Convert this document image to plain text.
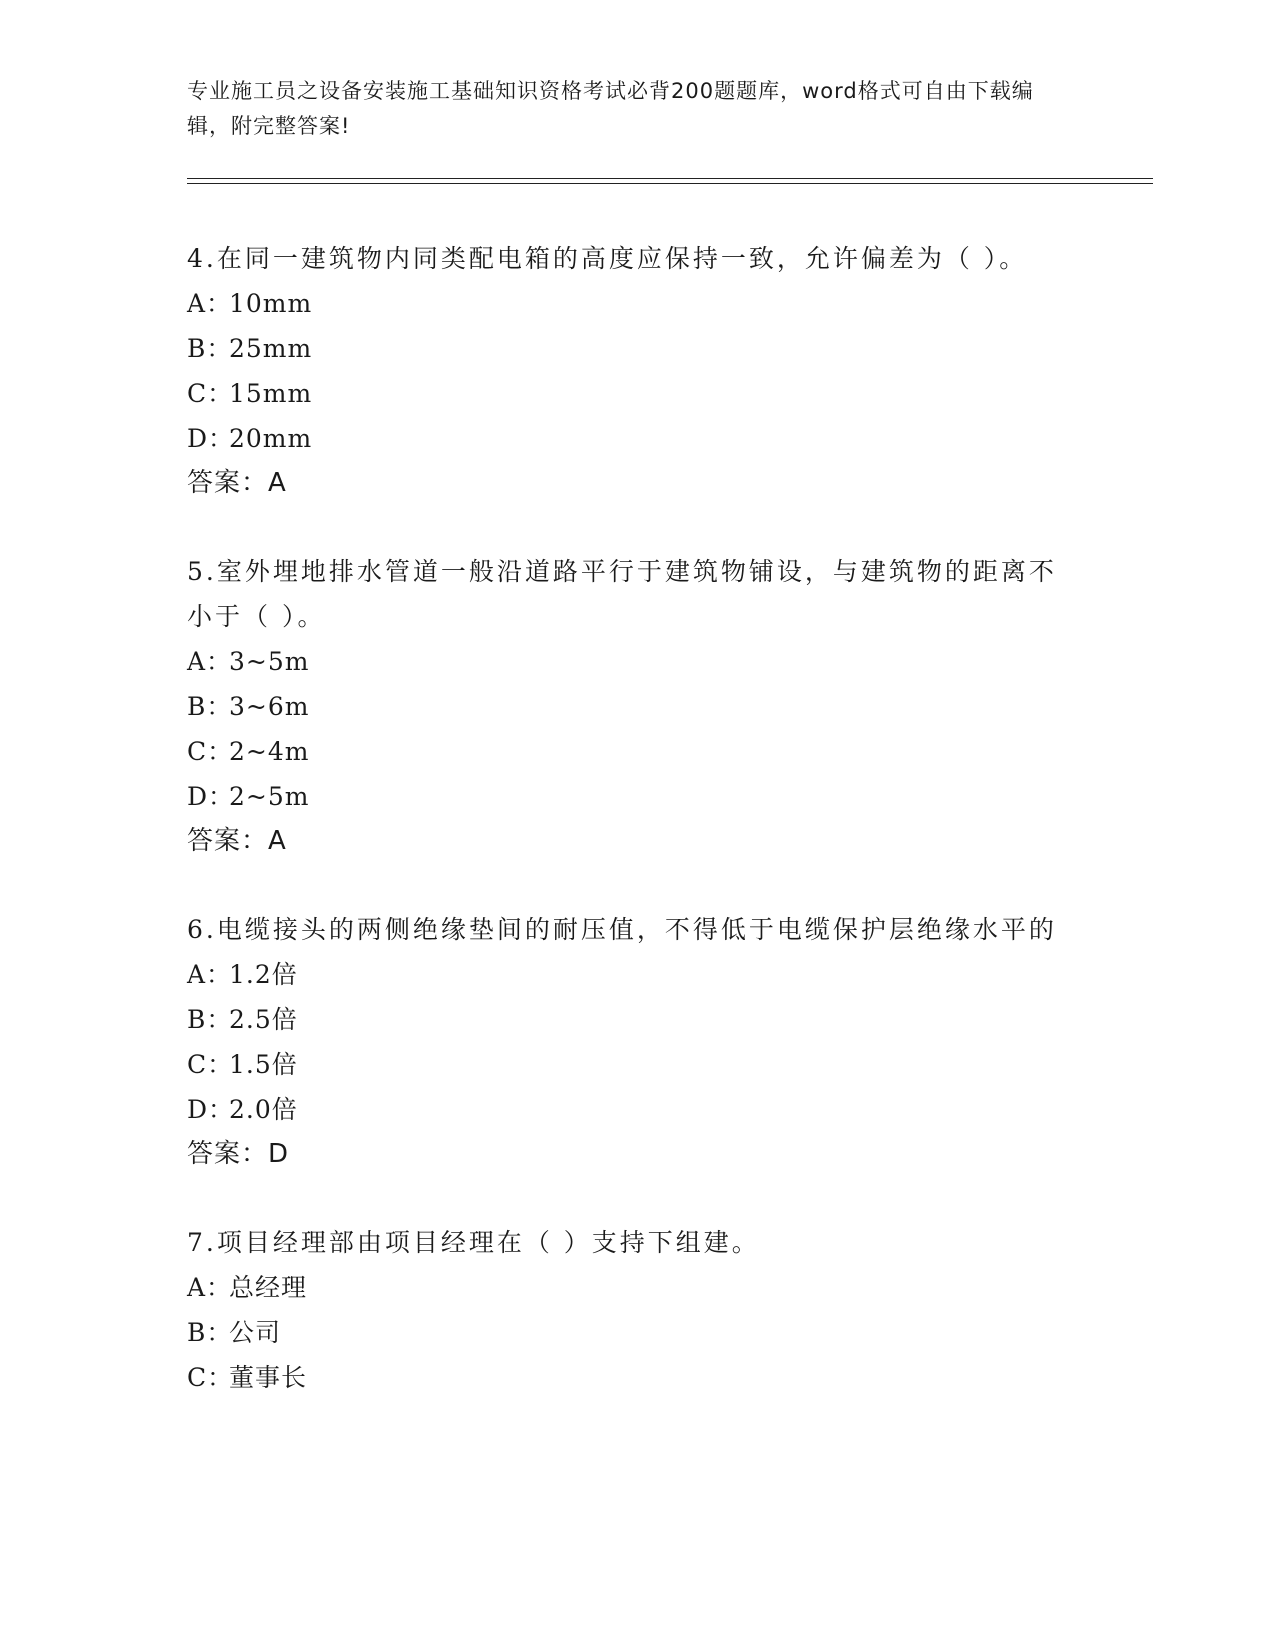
专业施工员之设备安装施工基础知识资格考试必背200题题库，word格式可自由下载编辑，附完整答案!
4.在同一建筑物内同类配电箱的高度应保持一致，允许偏差为（ ）。
A：
10mm
B：
25mm
C：
15mm
D：
20mm
答案：A
5.室外埋地排水管道一般沿道路平行于建筑物铺设，与建筑物的距离不小于（ ）。
A：
3~5m
B：
3~6m
C：
2~4m
D：
2~5m
答案：A
6.电缆接头的两侧绝缘垫间的耐压值，不得低于电缆保护层绝缘水平的
A：
1.2倍
B：
2.5倍
C：
1.5倍
D：
2.0倍
答案：D
7.项目经理部由项目经理在（ ）支持下组建。
A：
总经理
B：
公司
C：
董事长
